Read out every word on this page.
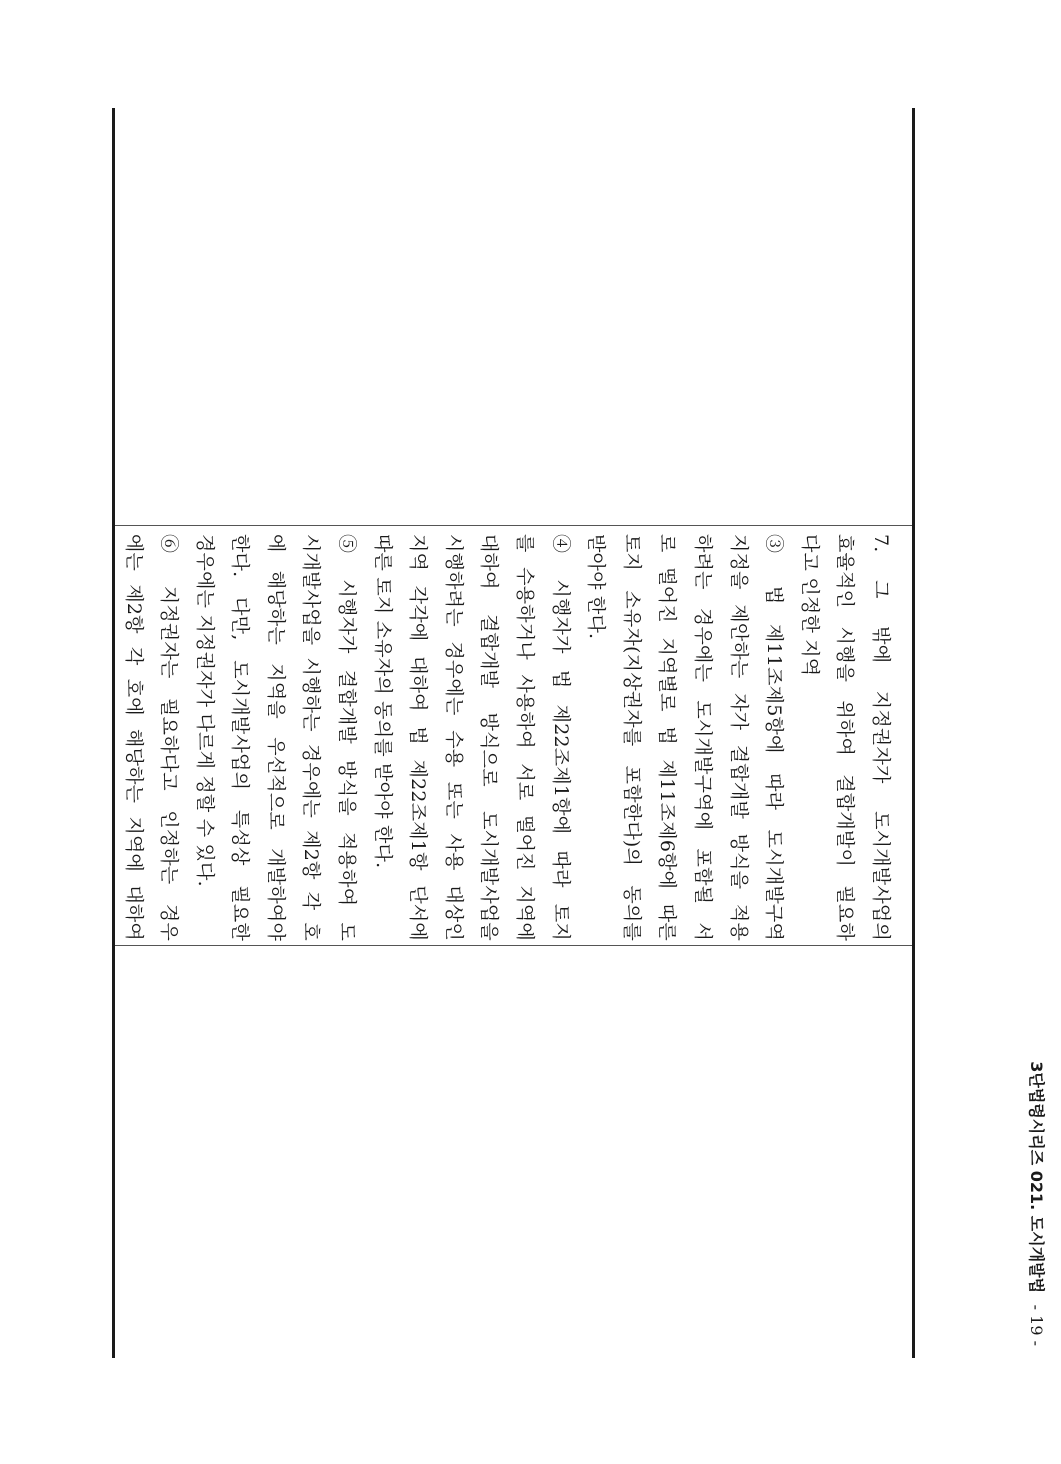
3단법령시리즈 021. 도시개발법 - 19 -
7. 그 밖에 지정권자가 도시개발사업의
효율적인 시행을 위하여 결합개발이 필요하
다고 인정한 지역
③ 법 제11조제5항에 따라 도시개발구역
지정을 제안하는 자가 결합개발 방식을 적용
하려는 경우에는 도시개발구역에 포함될 서
로 떨어진 지역별로 법 제11조제6항에 따른
토지 소유자(지상권자를 포함한다)의 동의를
받아야 한다.
④ 시행자가 법 제22조제1항에 따라 토지
를 수용하거나 사용하여 서로 떨어진 지역에
대하여 결합개발 방식으로 도시개발사업을
시행하려는 경우에는 수용 또는 사용 대상인
지역 각각에 대하여 법 제22조제1항 단서에
따른 토지 소유자의 동의를 받아야 한다.
⑤ 시행자가 결합개발 방식을 적용하여 도
시개발사업을 시행하는 경우에는 제2항 각 호
에 해당하는 지역을 우선적으로 개발하여야
한다. 다만, 도시개발사업의 특성상 필요한
경우에는 지정권자가 다르게 정할 수 있다.
⑥ 지정권자는 필요하다고 인정하는 경우
에는 제2항 각 호에 해당하는 지역에 대하여
